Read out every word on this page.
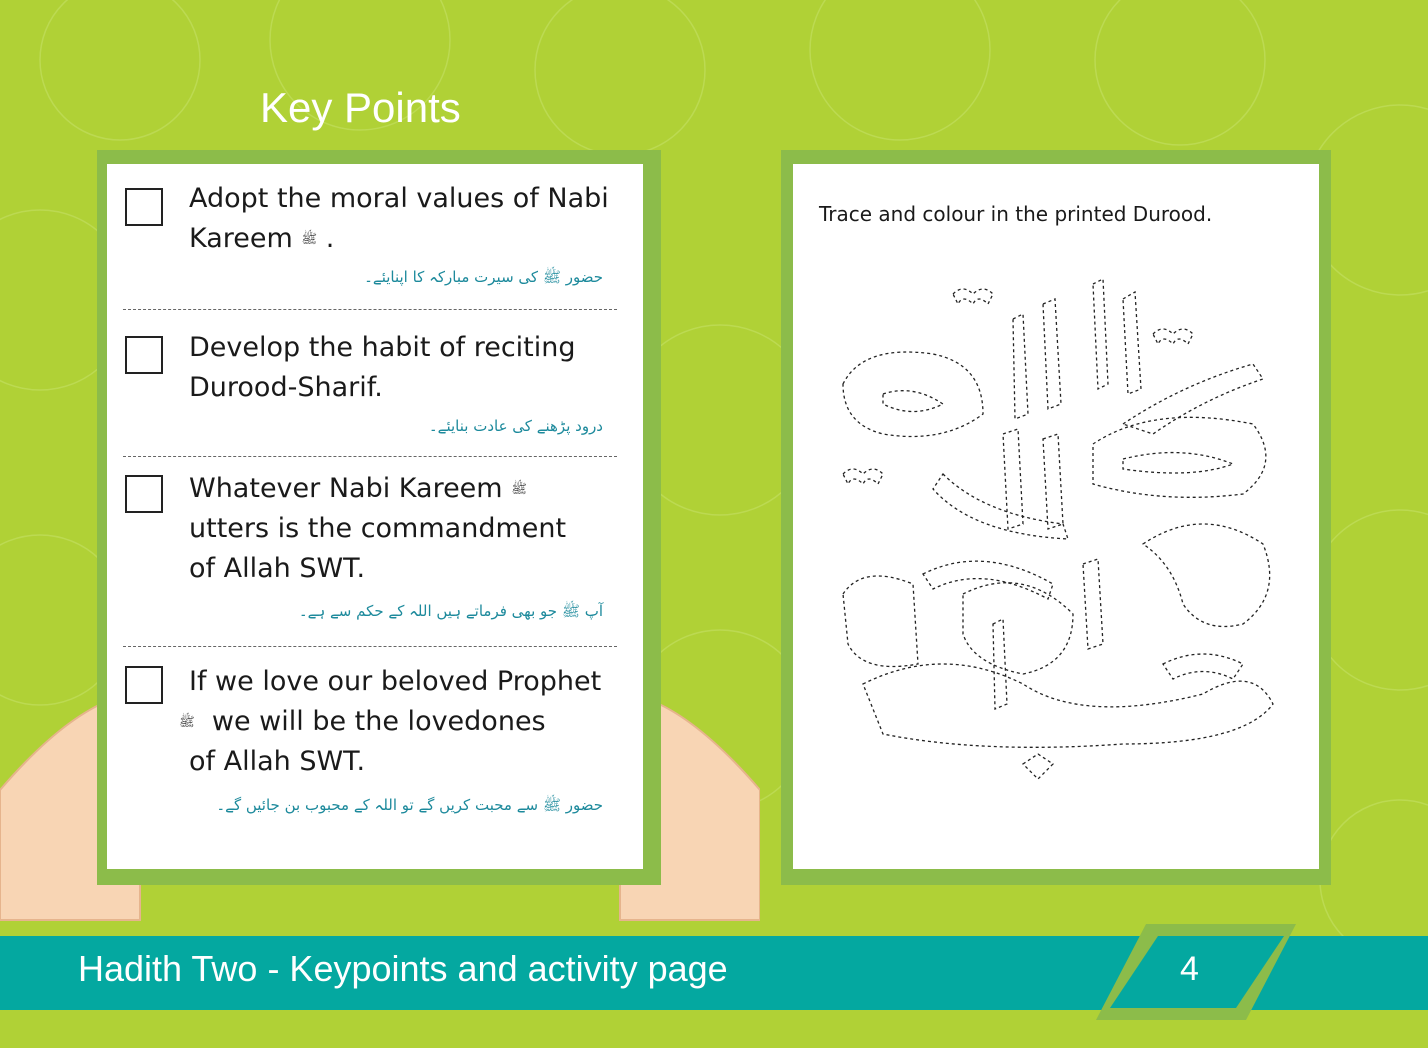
Key Points
Adopt the moral values of Nabi Kareem ﷺ .
حضور ﷺ کی سیرت مبارکہ کا اپنایئے۔
Develop the habit of reciting Durood-Sharif.
درود پڑھنے کی عادت بنایئے۔
Whatever Nabi Kareem ﷺ
utters is the commandment
of Allah SWT.
آپ ﷺ جو بھی فرماتے ہیں اللہ کے حکم سے ہے۔
If we love our beloved Prophet
ﷺ we will be the lovedones
of Allah SWT.
حضور ﷺ سے محبت کریں گے تو اللہ کے محبوب بن جائیں گے۔
Trace and colour in the printed Durood.
Hadith Two - Keypoints and activity page	4
